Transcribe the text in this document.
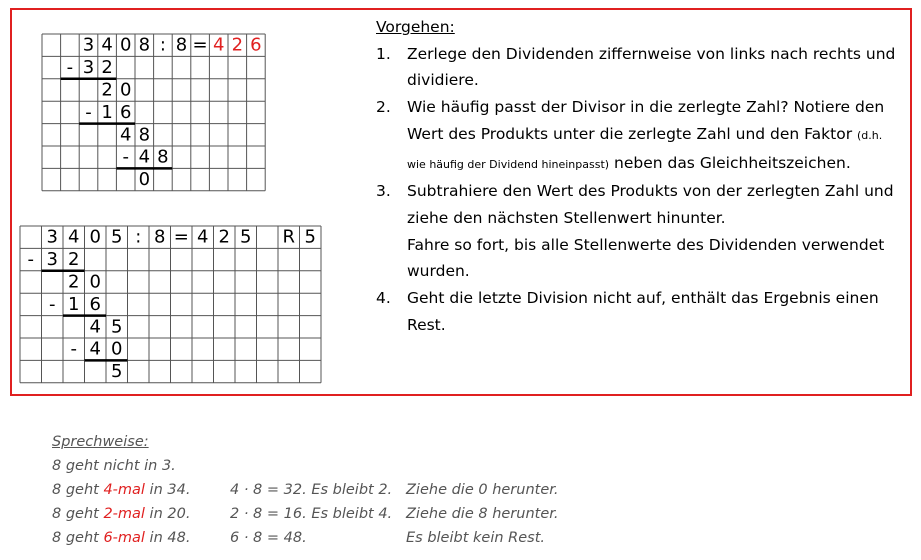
3 4 0 8 : 8 = 4 2 6
- 3 2
2 0
- 1 6
4 8
- 4 8
0
3 4 0 5 : 8 = 4 2 5 R 5
- 3 2
2 0
- 1 6
4 5
- 4 0
5
Vorgehen:
1. Zerlege den Dividenden ziffernweise von links nach rechts und dividiere.
2. Wie häufig passt der Divisor in die zerlegte Zahl? Notiere den Wert des Produkts unter die zerlegte Zahl und den Faktor (d.h. wie häufig der Dividend hineinpasst) neben das Gleichheitszeichen.
3. Subtrahiere den Wert des Produkts von der zerlegten Zahl und ziehe den nächsten Stellenwert hinunter.
Fahre so fort, bis alle Stellenwerte des Dividenden verwendet wurden.
4. Geht die letzte Division nicht auf, enthält das Ergebnis einen Rest.
Sprechweise:
8 geht nicht in 3.
8 geht 4-mal in 34.	4 · 8 = 32. Es bleibt 2. Ziehe die 0 herunter.
8 geht 2-mal in 20.	2 · 8 = 16. Es bleibt 4. Ziehe die 8 herunter.
8 geht 6-mal in 48.	6 · 8 = 48.	Es bleibt kein Rest.
